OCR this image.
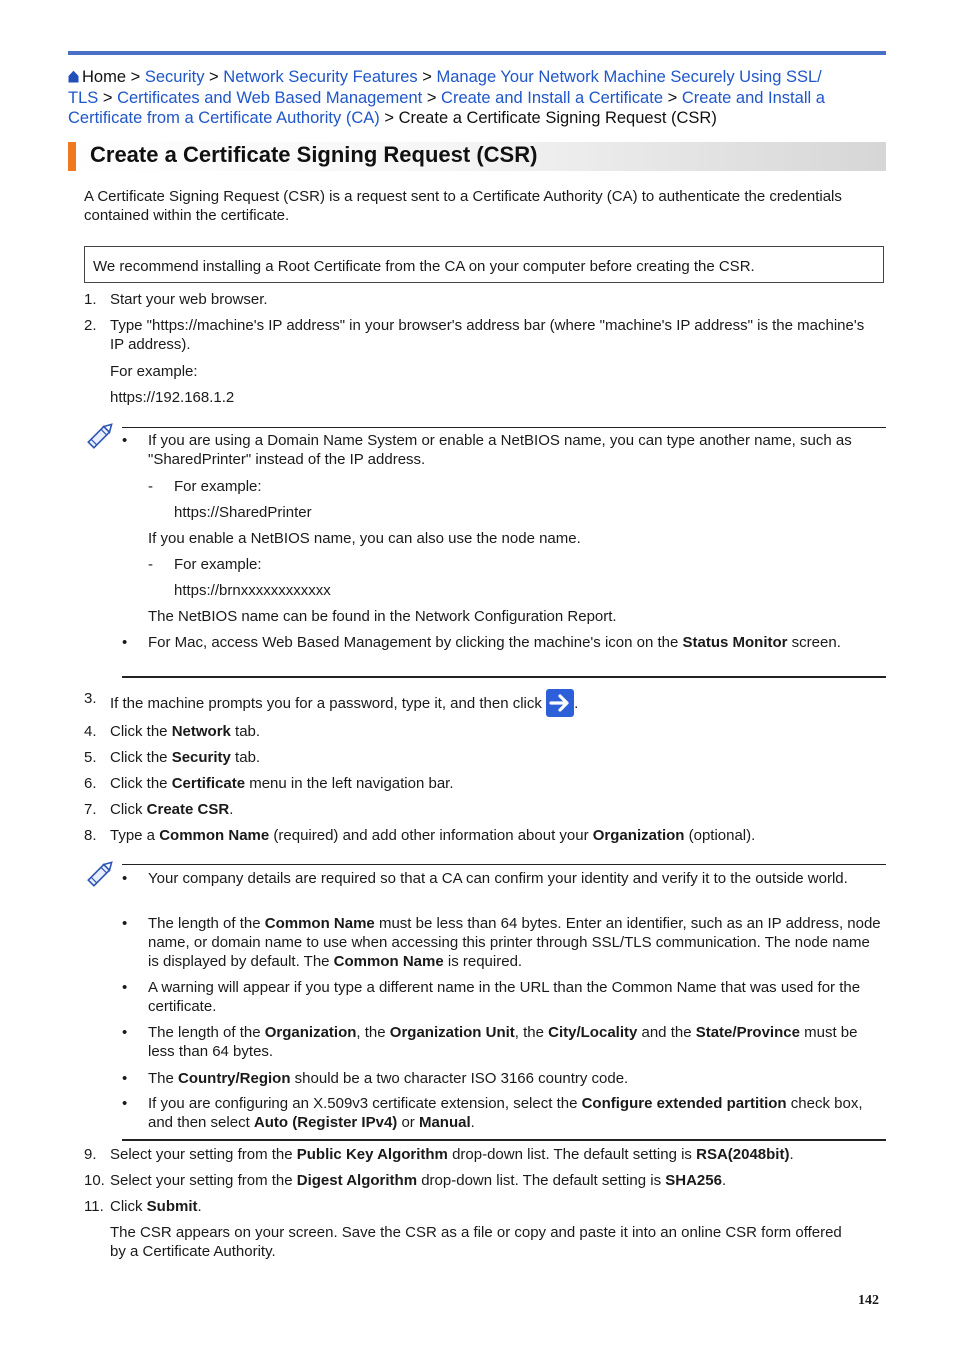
Home > Security > Network Security Features > Manage Your Network Machine Securely Using SSL/
TLS > Certificates and Web Based Management > Create and Install a Certificate > Create and Install a
Certificate from a Certificate Authority (CA) > Create a Certificate Signing Request (CSR)
Create a Certificate Signing Request (CSR)
A Certificate Signing Request (CSR) is a request sent to a Certificate Authority (CA) to authenticate the credentials contained within the certificate.
We recommend installing a Root Certificate from the CA on your computer before creating the CSR.
1. Start your web browser.
2. Type "https://machine's IP address" in your browser's address bar (where "machine's IP address" is the machine's IP address).
For example:
https://192.168.1.2
• If you are using a Domain Name System or enable a NetBIOS name, you can type another name, such as "SharedPrinter" instead of the IP address.
- For example:
https://SharedPrinter
If you enable a NetBIOS name, you can also use the node name.
- For example:
https://brnxxxxxxxxxxxx
The NetBIOS name can be found in the Network Configuration Report.
• For Mac, access Web Based Management by clicking the machine's icon on the Status Monitor screen.
3. If the machine prompts you for a password, type it, and then click .
4. Click the Network tab.
5. Click the Security tab.
6. Click the Certificate menu in the left navigation bar.
7. Click Create CSR.
8. Type a Common Name (required) and add other information about your Organization (optional).
• Your company details are required so that a CA can confirm your identity and verify it to the outside world.
• The length of the Common Name must be less than 64 bytes. Enter an identifier, such as an IP address, node name, or domain name to use when accessing this printer through SSL/TLS communication. The node name is displayed by default. The Common Name is required.
• A warning will appear if you type a different name in the URL than the Common Name that was used for the certificate.
• The length of the Organization, the Organization Unit, the City/Locality and the State/Province must be less than 64 bytes.
• The Country/Region should be a two character ISO 3166 country code.
• If you are configuring an X.509v3 certificate extension, select the Configure extended partition check box, and then select Auto (Register IPv4) or Manual.
9. Select your setting from the Public Key Algorithm drop-down list. The default setting is RSA(2048bit).
10. Select your setting from the Digest Algorithm drop-down list. The default setting is SHA256.
11. Click Submit.
The CSR appears on your screen. Save the CSR as a file or copy and paste it into an online CSR form offered by a Certificate Authority.
142
